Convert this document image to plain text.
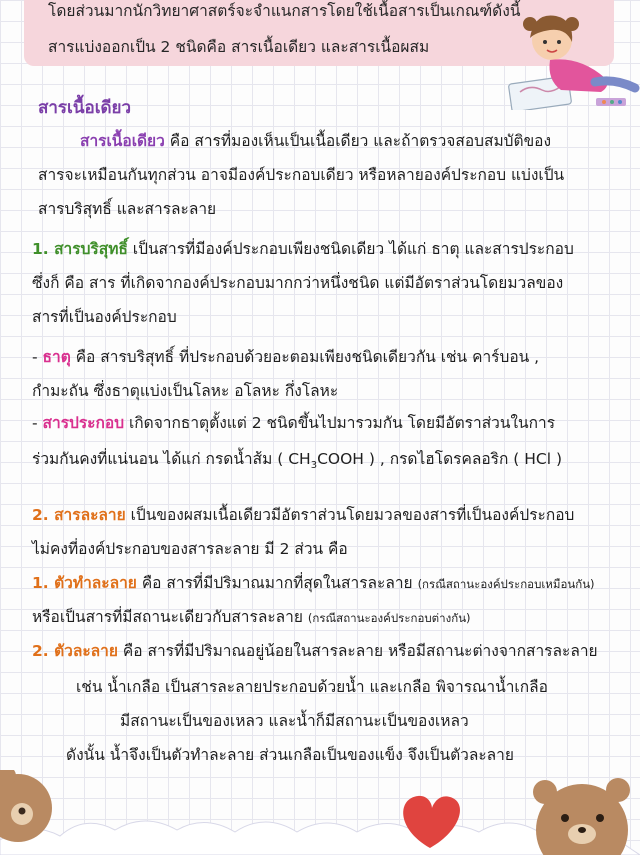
โดยส่วนมากนักวิทยาศาสตร์จะจำแนกสารโดยใช้เนื้อสารเป็นเกณฑ์ดังนี้
สารแบ่งออกเป็น 2 ชนิดคือ สารเนื้อเดียว และสารเนื้อผสม
สารเนื้อเดียว
สารเนื้อเดียว คือ สารที่มองเห็นเป็นเนื้อเดียว และถ้าตรวจสอบสมบัติของ
สารจะเหมือนกันทุกส่วน อาจมีองค์ประกอบเดียว หรือหลายองค์ประกอบ แบ่งเป็น
สารบริสุทธิ์ และสารละลาย
1. สารบริสุทธิ์ เป็นสารที่มีองค์ประกอบเพียงชนิดเดียว ได้แก่ ธาตุ และสารประกอบ
ซึ่งก็ คือ สาร ที่เกิดจากองค์ประกอบมากกว่าหนึ่งชนิด แต่มีอัตราส่วนโดยมวลของ
สารที่เป็นองค์ประกอบ
- ธาตุ คือ สารบริสุทธิ์ ที่ประกอบด้วยอะตอมเพียงชนิดเดียวกัน เช่น คาร์บอน ,
กำมะถัน ซึ่งธาตุแบ่งเป็นโลหะ อโลหะ กึ่งโลหะ
- สารประกอบ เกิดจากธาตุตั้งแต่ 2 ชนิดขึ้นไปมารวมกัน โดยมีอัตราส่วนในการ
ร่วมกันคงที่แน่นอน ได้แก่ กรดน้ำส้ม ( $CH_3COOH$ ) , กรดไฮโดรคลอริก ( HCl )
2. สารละลาย เป็นของผสมเนื้อเดียวมีอัตราส่วนโดยมวลของสารที่เป็นองค์ประกอบ
ไม่คงที่องค์ประกอบของสารละลาย มี 2 ส่วน คือ
1. ตัวทำละลาย คือ สารที่มีปริมาณมากที่สุดในสารละลาย (กรณีสถานะองค์ประกอบเหมือนกัน)
หรือเป็นสารที่มีสถานะเดียวกับสารละลาย (กรณีสถานะองค์ประกอบต่างกัน)
2. ตัวละลาย คือ สารที่มีปริมาณอยู่น้อยในสารละลาย หรือมีสถานะต่างจากสารละลาย
เช่น น้ำเกลือ เป็นสารละลายประกอบด้วยน้ำ และเกลือ พิจารณาน้ำเกลือ
มีสถานะเป็นของเหลว และน้ำก็มีสถานะเป็นของเหลว
ดังนั้น น้ำจึงเป็นตัวทำละลาย ส่วนเกลือเป็นของแข็ง จึงเป็นตัวละลาย
